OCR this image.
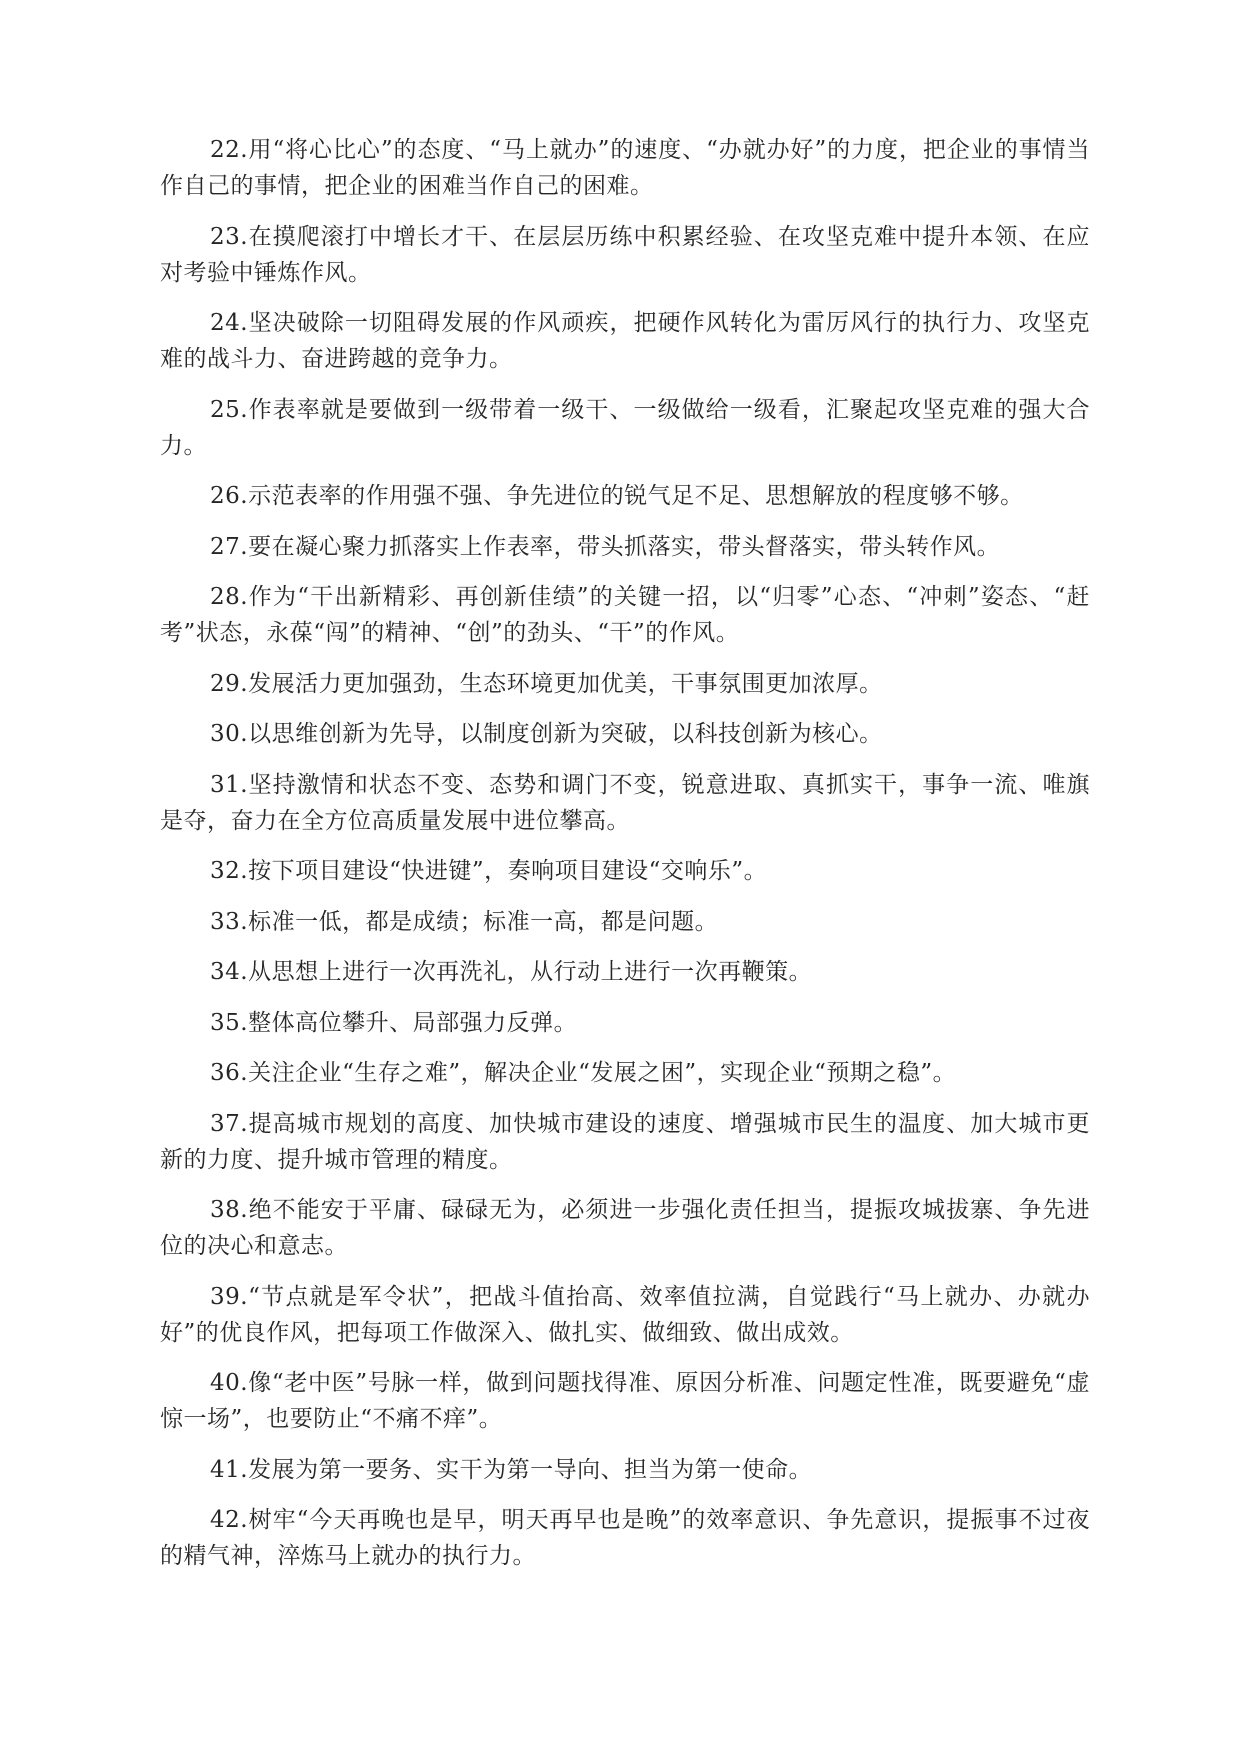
22.用“将心比心”的态度、“马上就办”的速度、“办就办好”的力度，把企业的事情当作自己的事情，把企业的困难当作自己的困难。

23.在摸爬滚打中增长才干、在层层历练中积累经验、在攻坚克难中提升本领、在应对考验中锤炼作风。

24.坚决破除一切阻碍发展的作风顽疾，把硬作风转化为雷厉风行的执行力、攻坚克难的战斗力、奋进跨越的竞争力。

25.作表率就是要做到一级带着一级干、一级做给一级看，汇聚起攻坚克难的强大合力。

26.示范表率的作用强不强、争先进位的锐气足不足、思想解放的程度够不够。

27.要在凝心聚力抓落实上作表率，带头抓落实，带头督落实，带头转作风。

28.作为“干出新精彩、再创新佳绩”的关键一招，以“归零”心态、“冲刺”姿态、“赶考”状态，永葆“闯”的精神、“创”的劲头、“干”的作风。

29.发展活力更加强劲，生态环境更加优美，干事氛围更加浓厚。

30.以思维创新为先导，以制度创新为突破，以科技创新为核心。

31.坚持激情和状态不变、态势和调门不变，锐意进取、真抓实干，事争一流、唯旗是夺，奋力在全方位高质量发展中进位攀高。

32.按下项目建设“快进键”，奏响项目建设“交响乐”。

33.标准一低，都是成绩；标准一高，都是问题。

34.从思想上进行一次再洗礼，从行动上进行一次再鞭策。

35.整体高位攀升、局部强力反弹。

36.关注企业“生存之难”，解决企业“发展之困”，实现企业“预期之稳”。

37.提高城市规划的高度、加快城市建设的速度、增强城市民生的温度、加大城市更新的力度、提升城市管理的精度。

38.绝不能安于平庸、碌碌无为，必须进一步强化责任担当，提振攻城拔寨、争先进位的决心和意志。

39.“节点就是军令状”，把战斗值抬高、效率值拉满，自觉践行“马上就办、办就办好”的优良作风，把每项工作做深入、做扎实、做细致、做出成效。

40.像“老中医”号脉一样，做到问题找得准、原因分析准、问题定性准，既要避免“虚惊一场”，也要防止“不痛不痒”。

41.发展为第一要务、实干为第一导向、担当为第一使命。

42.树牢“今天再晚也是早，明天再早也是晚”的效率意识、争先意识，提振事不过夜的精气神，淬炼马上就办的执行力。
